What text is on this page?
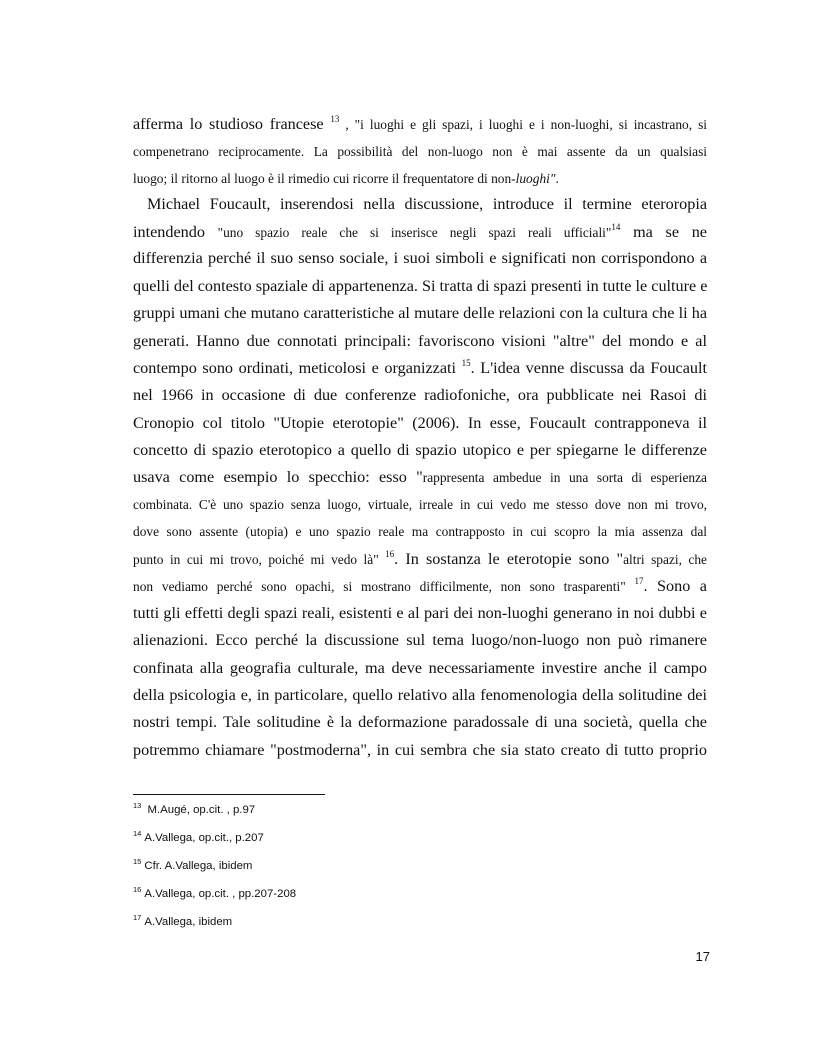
afferma lo studioso francese $^{13}$ , "i luoghi e gli spazi, i luoghi e i non-luoghi, si incastrano, si
compenetrano reciprocamente. La possibilità del non-luogo non è mai assente da un qualsiasi
luogo; il ritorno al luogo è il rimedio cui ricorre il frequentatore di non-luoghi".
Michael Foucault, inserendosi nella discussione, introduce il termine eteroropia
intendendo "uno spazio reale che si inserisce negli spazi reali ufficiali"$^{14}$ ma se ne
differenzia perché il suo senso sociale, i suoi simboli e significati non corrispondono a
quelli del contesto spaziale di appartenenza. Si tratta di spazi presenti in tutte le culture e
gruppi umani che mutano caratteristiche al mutare delle relazioni con la cultura che li ha
generati. Hanno due connotati principali: favoriscono visioni "altre" del mondo e al
contempo sono ordinati, meticolosi e organizzati $^{15}$. L'idea venne discussa da Foucault
nel 1966 in occasione di due conferenze radiofoniche, ora pubblicate nei Rasoi di
Cronopio col titolo "Utopie eterotopie" (2006). In esse, Foucault contrapponeva il
concetto di spazio eterotopico a quello di spazio utopico e per spiegarne le differenze
usava come esempio lo specchio: esso "rappresenta ambedue in una sorta di esperienza
combinata. C'è uno spazio senza luogo, virtuale, irreale in cui vedo me stesso dove non mi trovo,
dove sono assente (utopia) e uno spazio reale ma contrapposto in cui scopro la mia assenza dal
punto in cui mi trovo, poiché mi vedo là" $^{16}$. In sostanza le eterotopie sono "altri spazi, che
non vediamo perché sono opachi, si mostrano difficilmente, non sono trasparenti" $^{17}$. Sono a
tutti gli effetti degli spazi reali, esistenti e al pari dei non-luoghi generano in noi dubbi e
alienazioni. Ecco perché la discussione sul tema luogo/non-luogo non può rimanere
confinata alla geografia culturale, ma deve necessariamente investire anche il campo
della psicologia e, in particolare, quello relativo alla fenomenologia della solitudine dei
nostri tempi. Tale solitudine è la deformazione paradossale di una società, quella che
potremmo chiamare "postmoderna", in cui sembra che sia stato creato di tutto proprio
$^{13}$ M.Augé, op.cit. , p.97
$^{14}$ A.Vallega, op.cit., p.207
$^{15}$ Cfr. A.Vallega, ibidem
$^{16}$ A.Vallega, op.cit. , pp.207-208
$^{17}$ A.Vallega, ibidem
17
